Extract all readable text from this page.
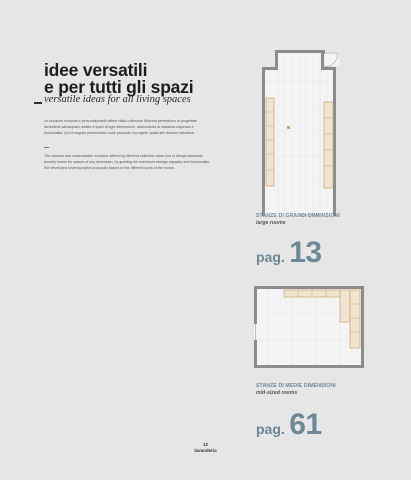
idee versatili
e per tutti gli spazi
versatile ideas for all living spaces
Le soluzioni modulari e personalizzabili offerte dalla collezione Minerva permettono di progettare lavanderie salvaspazio adatte a spazi di ogni dimensione, assicurando la massima capienza e funzionalità. Qui di seguito presentiamo varie proposte di progetti, adatti alle diverse metrature.
The modular and customisable solutions offered by Minerva collection allow you to design stackable laundry rooms for spaces of any dimension, by granting the maximum storage capacity and functionality. We developed several project proposals based on the different sizes of the rooms.
STANZE DI GRANDI DIMENSIONI
large rooms
pag. 13
STANZE DI MEDIE DIMENSIONI
mid-sized rooms
pag. 61
12
lavanderia
